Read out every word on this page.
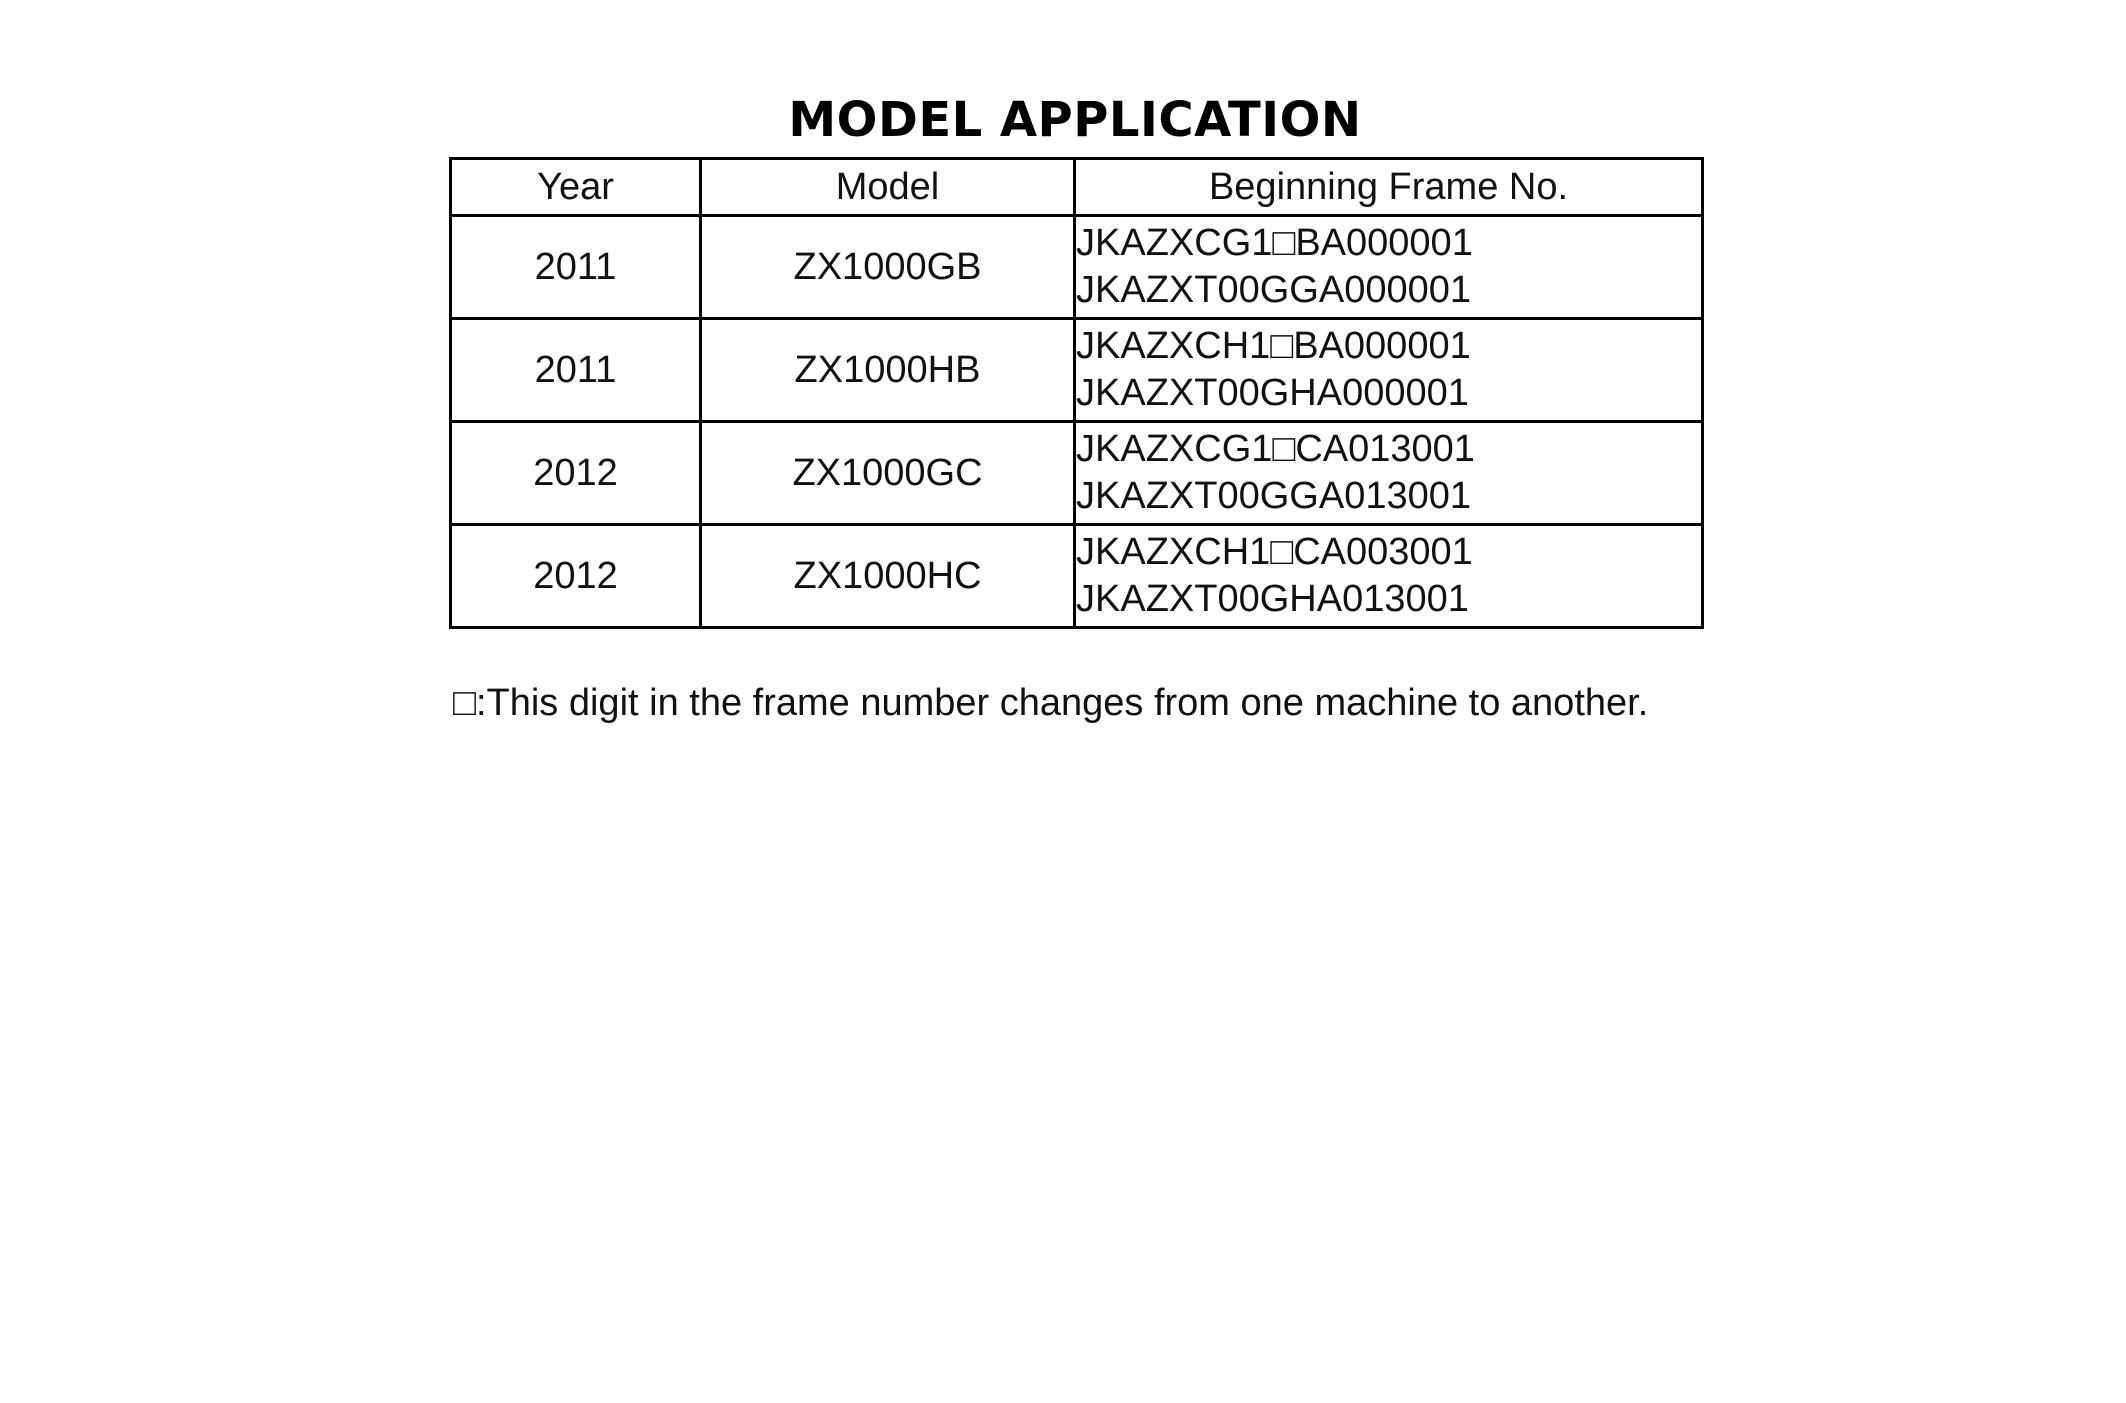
MODEL APPLICATION
Year	Model	Beginning Frame No.
2011	ZX1000GB	JKAZXCG1□BA000001
JKAZXT00GGA000001

2011	ZX1000HB	JKAZXCH1□BA000001
JKAZXT00GHA000001

2012	ZX1000GC	JKAZXCG1□CA013001
JKAZXT00GGA013001

2012	ZX1000HC	JKAZXCH1□CA003001
JKAZXT00GHA013001
□:This digit in the frame number changes from one machine to another.
